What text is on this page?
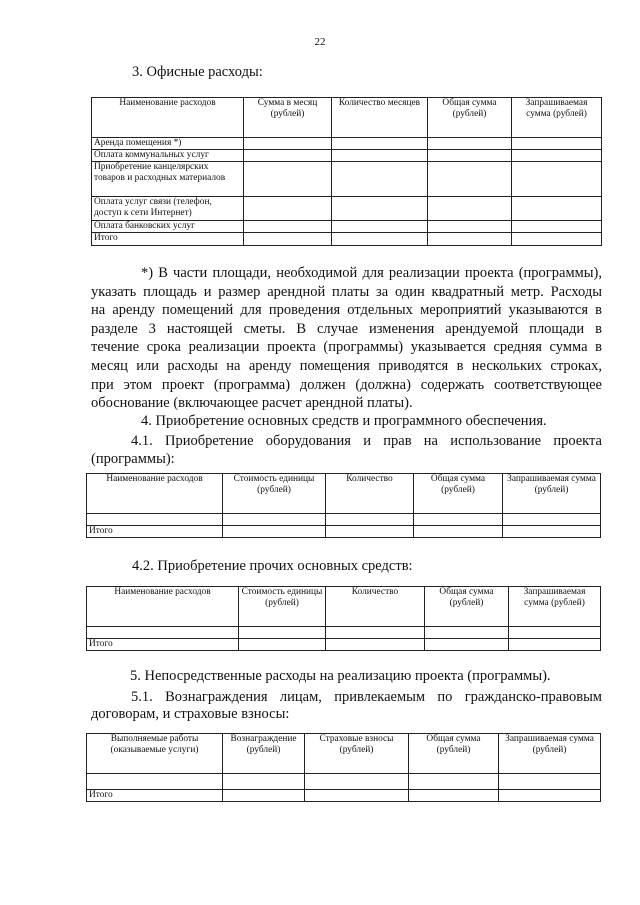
22
3. Офисные расходы:
Наименование расходов	Сумма в месяц (рублей)	Количество месяцев	Общая сумма (рублей)	Запрашиваемая сумма (рублей)
Аренда помещения *)				
Оплата коммунальных услуг				
Приобретение канцелярских товаров и расходных материалов				
Оплата услуг связи (телефон, доступ к сети Интернет)				
Оплата банковских услуг				
Итого				
*) В части площади, необходимой для реализации проекта (программы),
указать площадь и размер арендной платы за один квадратный метр. Расходы
на аренду помещений для проведения отдельных мероприятий указываются в
разделе 3 настоящей сметы. В случае изменения арендуемой площади в
течение срока реализации проекта (программы) указывается средняя сумма в
месяц или расходы на аренду помещения приводятся в нескольких строках,
при этом проект (программа) должен (должна) содержать соответствующее
обоснование (включающее расчет арендной платы).
4. Приобретение основных средств и программного обеспечения.
4.1. Приобретение оборудования и прав на использование проекта
(программы):
Наименование расходов	Стоимость единицы (рублей)	Количество	Общая сумма (рублей)	Запрашиваемая сумма (рублей)

Итого				
4.2. Приобретение прочих основных средств:
Наименование расходов	Стоимость единицы (рублей)	Количество	Общая сумма (рублей)	Запрашиваемая сумма (рублей)

Итого				
5. Непосредственные расходы на реализацию проекта (программы).
5.1. Вознаграждения лицам, привлекаемым по гражданско-правовым
договорам, и страховые взносы:
Выполняемые работы (оказываемые услуги)	Вознаграждение (рублей)	Страховые взносы (рублей)	Общая сумма (рублей)	Запрашиваемая сумма (рублей)

Итого				
